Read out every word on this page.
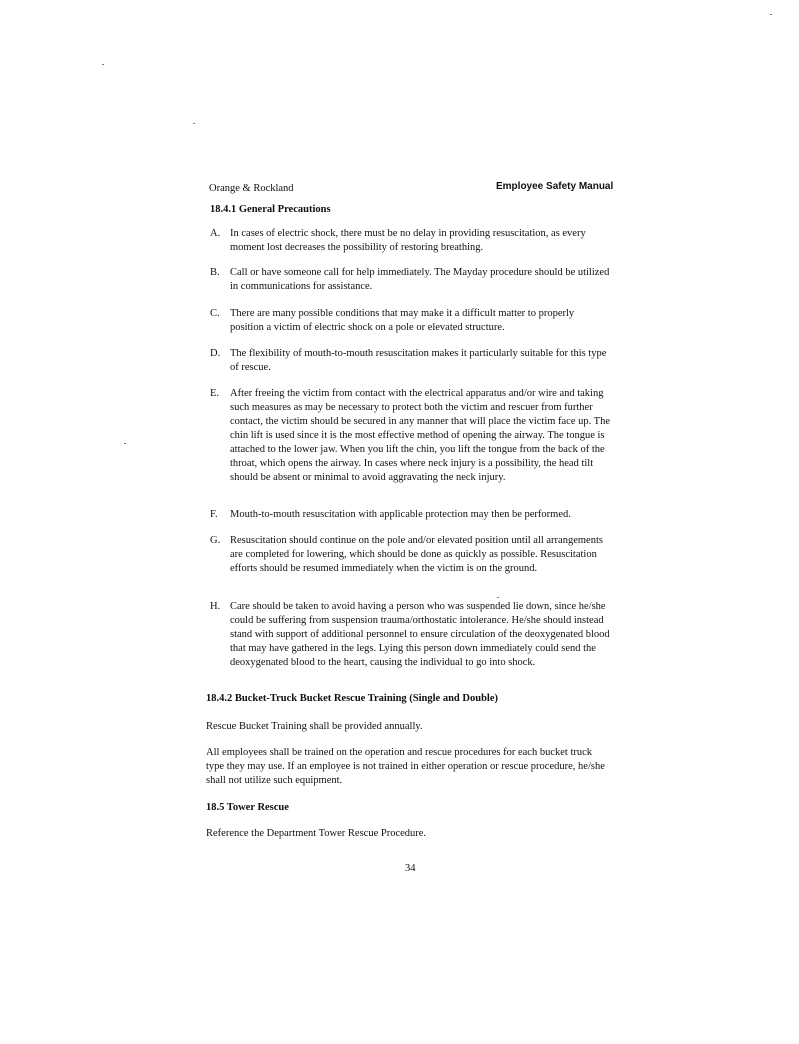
Orange & Rockland	Employee Safety Manual
18.4.1 General Precautions
A. In cases of electric shock, there must be no delay in providing resuscitation, as every moment lost decreases the possibility of restoring breathing.
B. Call or have someone call for help immediately. The Mayday procedure should be utilized in communications for assistance.
C. There are many possible conditions that may make it a difficult matter to properly position a victim of electric shock on a pole or elevated structure.
D. The flexibility of mouth-to-mouth resuscitation makes it particularly suitable for this type of rescue.
E.	After freeing the victim from contact with the electrical apparatus and/or wire and taking such measures as may be necessary to protect both the victim and rescuer from further contact, the victim should be secured in any manner that will place the victim face up. The chin lift is used since it is the most effective method of opening the airway. The tongue is attached to the lower jaw. When you lift the chin, you lift the tongue from the back of the throat, which opens the airway. In cases where neck injury is a possibility, the head tilt should be absent or minimal to avoid aggravating the neck injury.
F.	Mouth-to-mouth resuscitation with applicable protection may then be performed.
G. Resuscitation should continue on the pole and/or elevated position until all arrangements are completed for lowering, which should be done as quickly as possible. Resuscitation efforts should be resumed immediately when the victim is on the ground.
H. Care should be taken to avoid having a person who was suspended lie down, since he/she could be suffering from suspension trauma/orthostatic intolerance. He/she should instead stand with support of additional personnel to ensure circulation of the deoxygenated blood that may have gathered in the legs. Lying this person down immediately could send the deoxygenated blood to the heart, causing the individual to go into shock.
18.4.2 Bucket-Truck Bucket Rescue Training (Single and Double)
Rescue Bucket Training shall be provided annually.
All employees shall be trained on the operation and rescue procedures for each bucket truck type they may use. If an employee is not trained in either operation or rescue procedure, he/she shall not utilize such equipment.
18.5 Tower Rescue
Reference the Department Tower Rescue Procedure.
34
